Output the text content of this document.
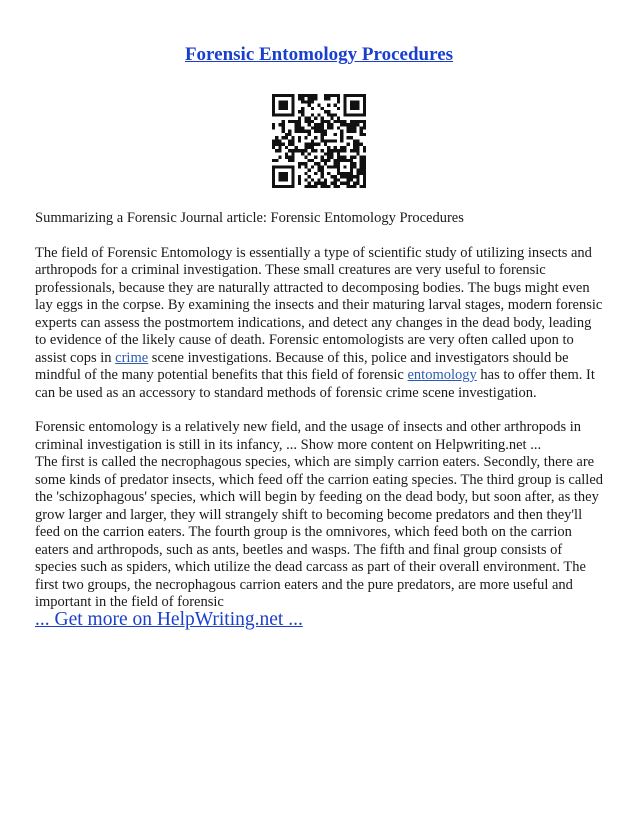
Forensic Entomology Procedures

Summarizing a Forensic Journal article: Forensic Entomology Procedures

The field of Forensic Entomology is essentially a type of scientific study of utilizing insects and arthropods for a criminal investigation. These small creatures are very useful to forensic professionals, because they are naturally attracted to decomposing bodies. The bugs might even lay eggs in the corpse. By examining the insects and their maturing larval stages, modern forensic experts can assess the postmortem indications, and detect any changes in the dead body, leading to evidence of the likely cause of death. Forensic entomologists are very often called upon to assist cops in crime scene investigations. Because of this, police and investigators should be mindful of the many potential benefits that this field of forensic entomology has to offer them. It can be used as an accessory to standard methods of forensic crime scene investigation.

Forensic entomology is a relatively new field, and the usage of insects and other arthropods in criminal investigation is still in its infancy, ... Show more content on Helpwriting.net ...

The first is called the necrophagous species, which are simply carrion eaters. Secondly, there are some kinds of predator insects, which feed off the carrion eating species. The third group is called the 'schizophagous' species, which will begin by feeding on the dead body, but soon after, as they grow larger and larger, they will strangely shift to becoming become predators and then they'll feed on the carrion eaters. The fourth group is the omnivores, which feed both on the carrion eaters and arthropods, such as ants, beetles and wasps. The fifth and final group consists of species such as spiders, which utilize the dead carcass as part of their overall environment. The first two groups, the necrophagous carrion eaters and the pure predators, are more useful and important in the field of forensic

... Get more on HelpWriting.net ...
